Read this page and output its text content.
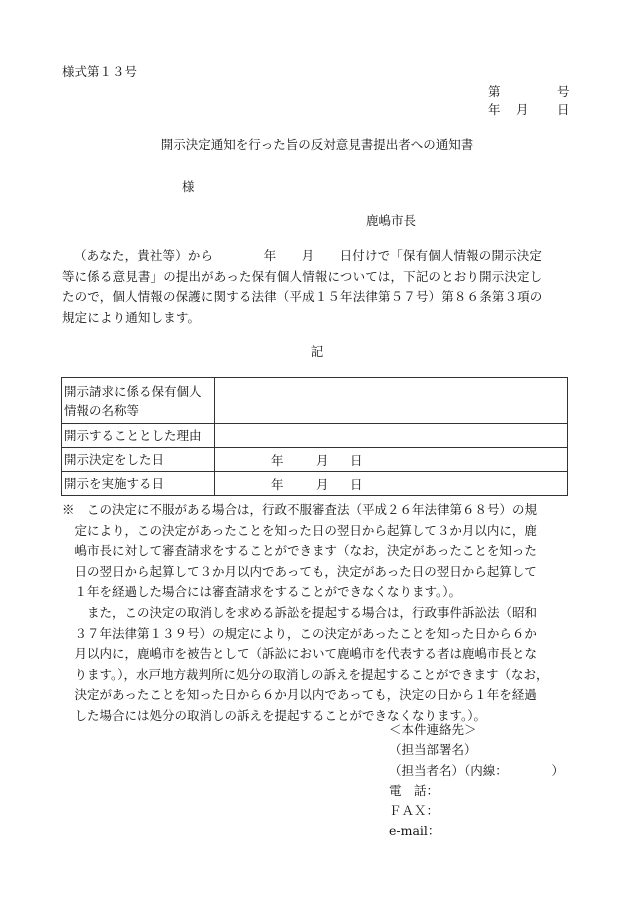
様式第１３号
第	号
年 月 日
開示決定通知を行った旨の反対意見書提出者への通知書
様
鹿嶋市長
（あなた，貴社等）から　　　　年　　月　　日付けで「保有個人情報の開示決定
等に係る意見書」の提出があった保有個人情報については，下記のとおり開示決定し
たので，個人情報の保護に関する法律（平成１５年法律第５７号）第８６条第３項の
規定により通知します。
記
開示請求に係る保有個人
情報の名称等	
開示することとした理由	
開示決定をした日	年 月 日

開示を実施する日	年 月 日
※　この決定に不服がある場合は，行政不服審査法（平成２６年法律第６８号）の規
　定により，この決定があったことを知った日の翌日から起算して３か月以内に，鹿
　嶋市長に対して審査請求をすることができます（なお，決定があったことを知った
　日の翌日から起算して３か月以内であっても，決定があった日の翌日から起算して
　１年を経過した場合には審査請求をすることができなくなります。）。
　　また，この決定の取消しを求める訴訟を提起する場合は，行政事件訴訟法（昭和
　３７年法律第１３９号）の規定により，この決定があったことを知った日から６か
　月以内に，鹿嶋市を被告として（訴訟において鹿嶋市を代表する者は鹿嶋市長とな
　ります。），水戸地方裁判所に処分の取消しの訴えを提起することができます（なお，
　決定があったことを知った日から６か月以内であっても，決定の日から１年を経過
　した場合には処分の取消しの訴えを提起することができなくなります。）。
＜本件連絡先＞
（担当部署名）
（担当者名）（内線：　　　　）
電　話：
ＦＡＸ：
e-mail：
